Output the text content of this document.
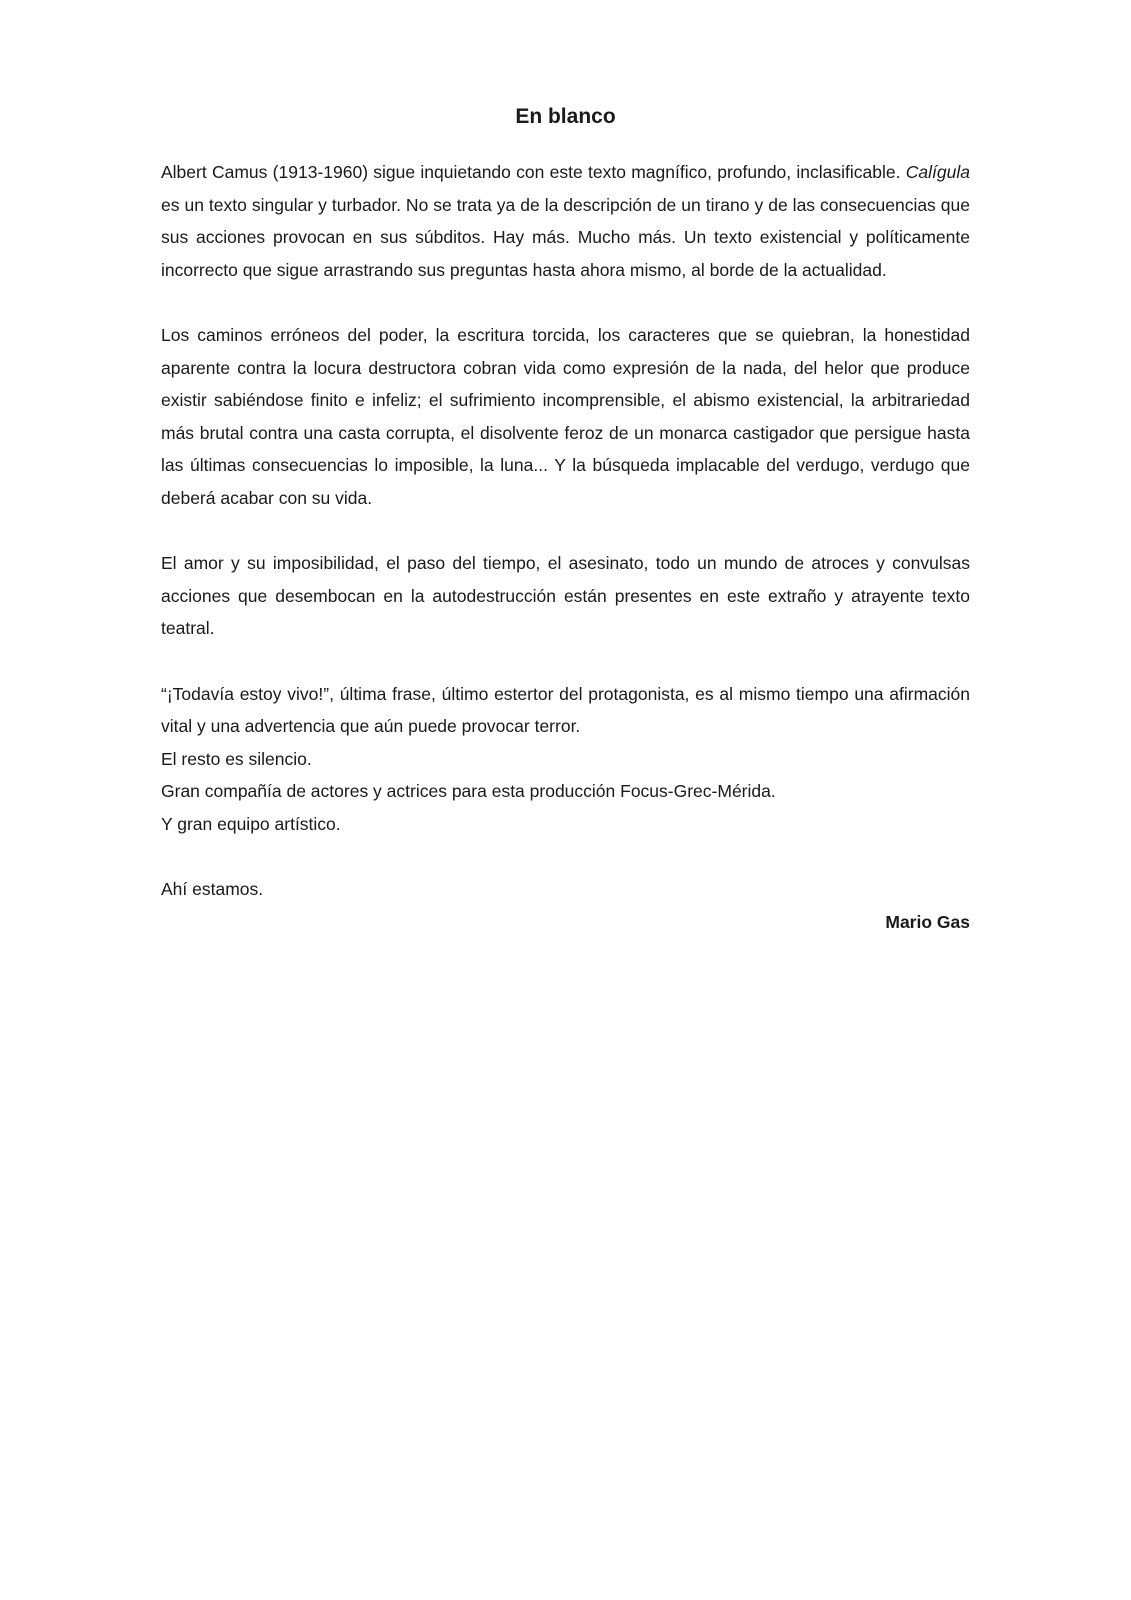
En blanco

Albert Camus (1913-1960) sigue inquietando con este texto magnífico, profundo, inclasificable. Calígula es un texto singular y turbador. No se trata ya de la descripción de un tirano y de las consecuencias que sus acciones provocan en sus súbditos. Hay más. Mucho más. Un texto existencial y políticamente incorrecto que sigue arrastrando sus preguntas hasta ahora mismo, al borde de la actualidad.

Los caminos erróneos del poder, la escritura torcida, los caracteres que se quiebran, la honestidad aparente contra la locura destructora cobran vida como expresión de la nada, del helor que produce existir sabiéndose finito e infeliz; el sufrimiento incomprensible, el abismo existencial, la arbitrariedad más brutal contra una casta corrupta, el disolvente feroz de un monarca castigador que persigue hasta las últimas consecuencias lo imposible, la luna... Y la búsqueda implacable del verdugo, verdugo que deberá acabar con su vida.

El amor y su imposibilidad, el paso del tiempo, el asesinato, todo un mundo de atroces y convulsas acciones que desembocan en la autodestrucción están presentes en este extraño y atrayente texto teatral.

“¡Todavía estoy vivo!”, última frase, último estertor del protagonista, es al mismo tiempo una afirmación vital y una advertencia que aún puede provocar terror.

El resto es silencio.

Gran compañía de actores y actrices para esta producción Focus-Grec-Mérida.

Y gran equipo artístico.

Ahí estamos.

Mario Gas
